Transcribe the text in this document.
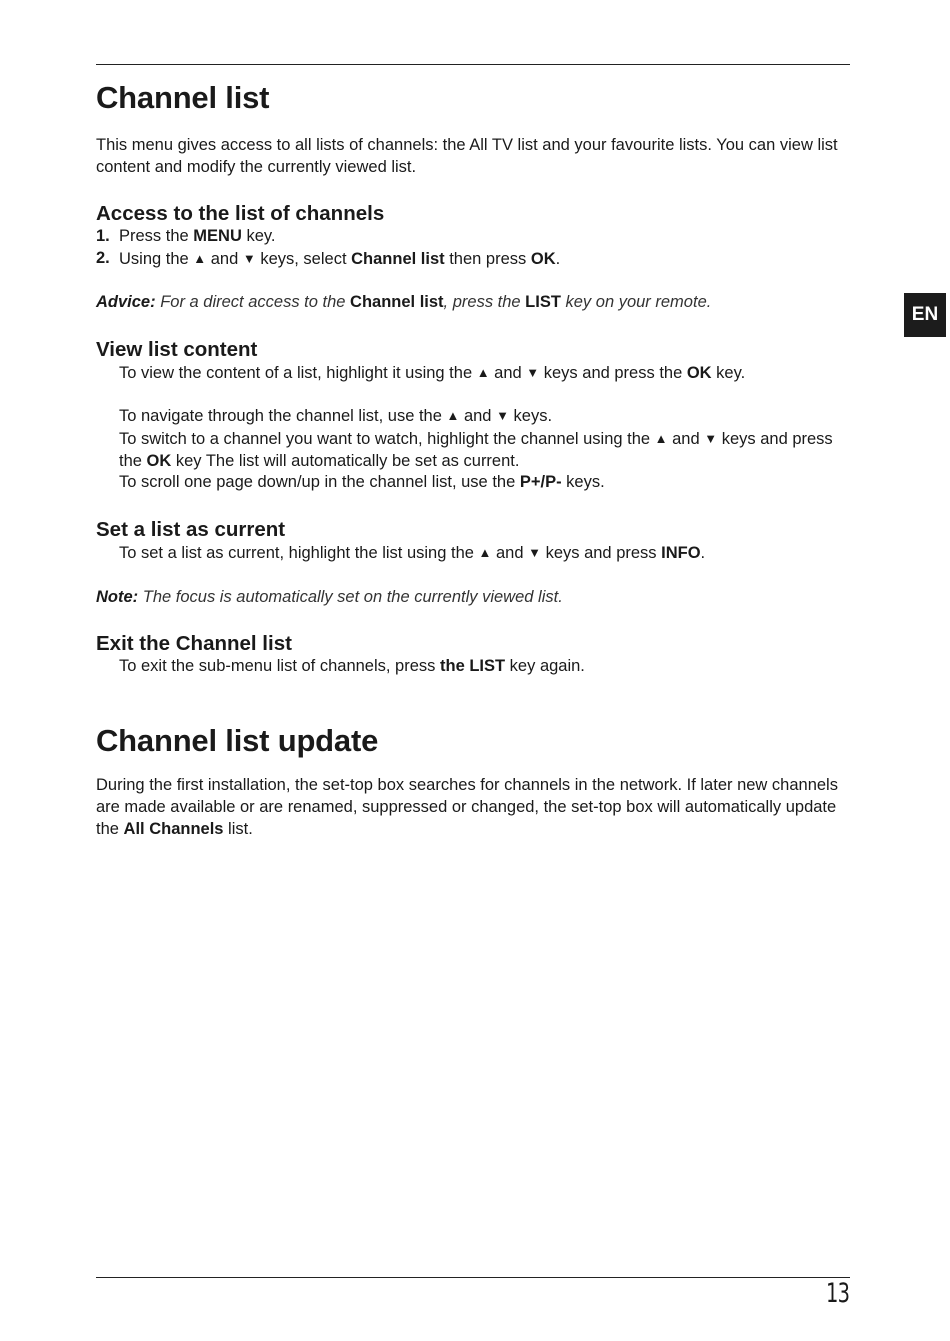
EN
Channel list

This menu gives access to all lists of channels: the All TV list and your favourite lists. You can view list content and modify the currently viewed list.

Access to the list of channels
1. Press the MENU key.
2. Using the ▲ and ▼ keys, select Channel list then press OK.

Advice: For a direct access to the Channel list, press the LIST key on your remote.

View list content

To view the content of a list, highlight it using the ▲ and ▼ keys and press the OK key.

To navigate through the channel list, use the ▲ and ▼ keys.

To switch to a channel you want to watch, highlight the channel using the ▲ and ▼ keys and press the OK key The list will automatically be set as current.

To scroll one page down/up in the channel list, use the P+/P- keys.

Set a list as current

To set a list as current, highlight the list using the ▲ and ▼ keys and press INFO.

Note: The focus is automatically set on the currently viewed list.

Exit the Channel list

To exit the sub-menu list of channels, press the LIST key again.

Channel list update

During the first installation, the set-top box searches for channels in the network. If later new channels are made available or are renamed, suppressed or changed, the set-top box will automatically update the All Channels list.

13
